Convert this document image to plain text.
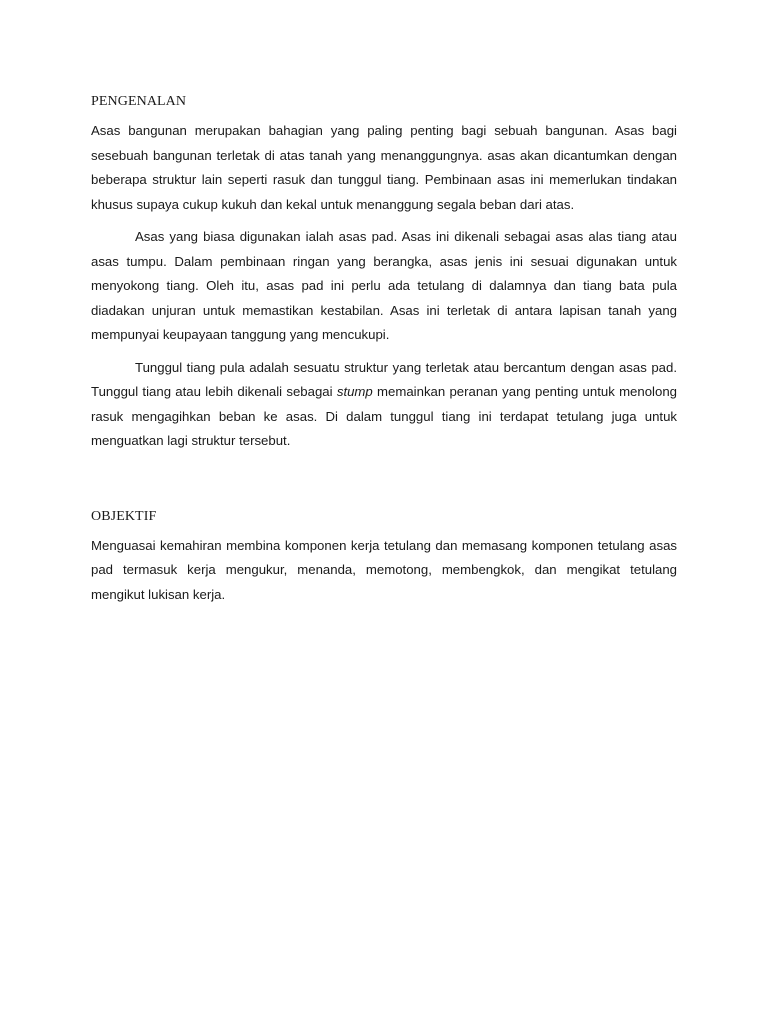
PENGENALAN

Asas bangunan merupakan bahagian yang paling penting bagi sebuah bangunan. Asas bagi sesebuah bangunan terletak di atas tanah yang menanggungnya. asas akan dicantumkan dengan beberapa struktur lain seperti rasuk dan tunggul tiang. Pembinaan asas ini memerlukan tindakan khusus supaya cukup kukuh dan kekal untuk menanggung segala beban dari atas.

Asas yang biasa digunakan ialah asas pad. Asas ini dikenali sebagai asas alas tiang atau asas tumpu. Dalam pembinaan ringan yang berangka, asas jenis ini sesuai digunakan untuk menyokong tiang. Oleh itu, asas pad ini perlu ada tetulang di dalamnya dan tiang bata pula diadakan unjuran untuk memastikan kestabilan. Asas ini terletak di antara lapisan tanah yang mempunyai keupayaan tanggung yang mencukupi.

Tunggul tiang pula adalah sesuatu struktur yang terletak atau bercantum dengan asas pad. Tunggul tiang atau lebih dikenali sebagai stump memainkan peranan yang penting untuk menolong rasuk mengagihkan beban ke asas. Di dalam tunggul tiang ini terdapat tetulang juga untuk menguatkan lagi struktur tersebut.

OBJEKTIF

Menguasai kemahiran membina komponen kerja tetulang dan memasang komponen tetulang asas pad termasuk kerja mengukur, menanda, memotong, membengkok, dan mengikat tetulang mengikut lukisan kerja.
